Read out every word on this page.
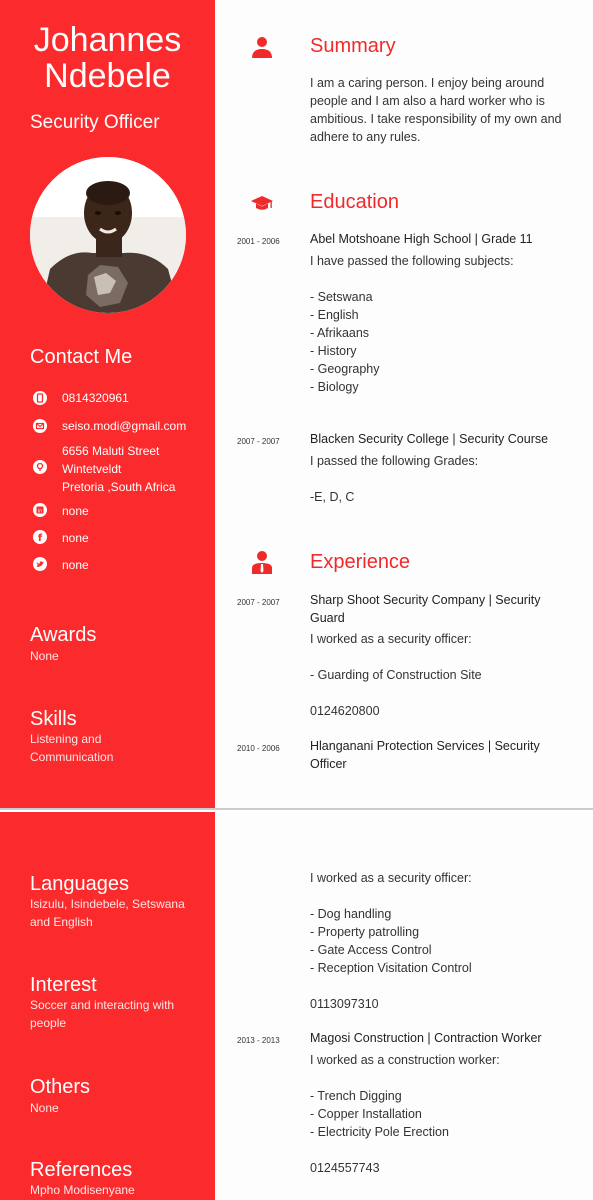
Johannes
Ndebele
Security Officer
Contact Me
0814320961
seiso.modi@gmail.com
6656 Maluti Street
Wintetveldt
Pretoria ,South Africa
in none
f none
none
Awards
None
Skills
Listening and
Communication
Languages
Isizulu, Isindebele, Setswana
and English
Interest
Soccer and interacting with
people
Others
None
References
Mpho Modisenyane
Summary
I am a caring person. I enjoy being around
people and I am also a hard worker who is
ambitious. I take responsibility of my own and
adhere to any rules.
Education
2001 - 2006 Abel Motshoane High School | Grade 11
I have passed the following subjects:
- Setswana
- English
- Afrikaans
- History
- Geography
- Biology
2007 - 2007 Blacken Security College | Security Course
I passed the following Grades:
-E, D, C
Experience
2007 - 2007 Sharp Shoot Security Company | Security
Guard
I worked as a security officer:
- Guarding of Construction Site
0124620800
2010 - 2006 Hlanganani Protection Services | Security
Officer
I worked as a security officer:
- Dog handling
- Property patrolling
- Gate Access Control
- Reception Visitation Control
0113097310
2013 - 2013 Magosi Construction | Contraction Worker
I worked as a construction worker:
- Trench Digging
- Copper Installation
- Electricity Pole Erection
0124557743
